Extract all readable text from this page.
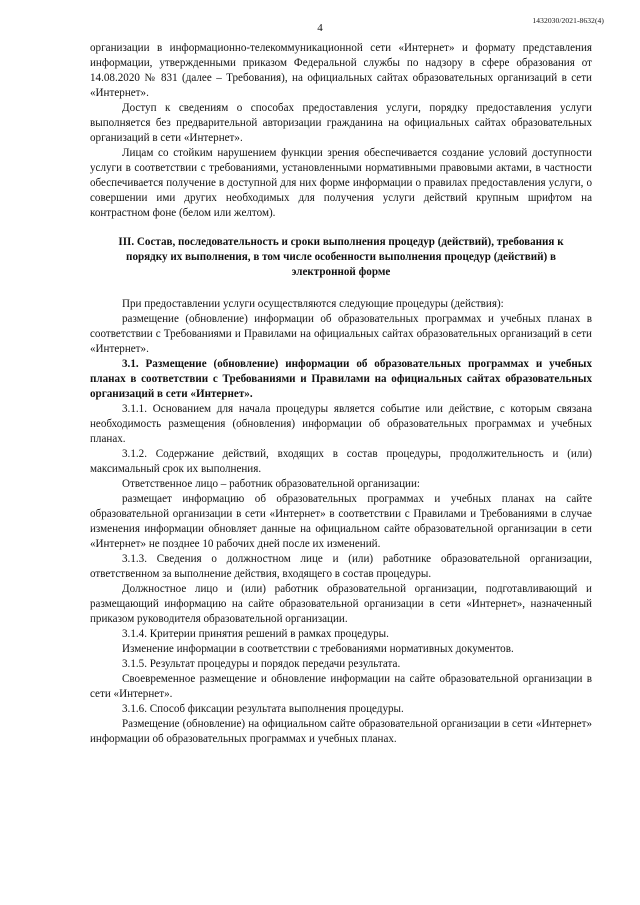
4
1432030/2021-8632(4)

организации в информационно-телекоммуникационной сети «Интернет» и формату представления информации, утвержденными приказом Федеральной службы по надзору в сфере образования от 14.08.2020 № 831 (далее – Требования), на официальных сайтах образовательных организаций в сети «Интернет».

Доступ к сведениям о способах предоставления услуги, порядку предоставления услуги выполняется без предварительной авторизации гражданина на официальных сайтах образовательных организаций в сети «Интернет».

Лицам со стойким нарушением функции зрения обеспечивается создание условий доступности услуги в соответствии с требованиями, установленными нормативными правовыми актами, в частности обеспечивается получение в доступной для них форме информации о правилах предоставления услуги, о совершении ими других необходимых для получения услуги действий крупным шрифтом на контрастном фоне (белом или желтом).

III. Состав, последовательность и сроки выполнения процедур (действий), требования к порядку их выполнения, в том числе особенности выполнения процедур (действий) в электронной форме

При предоставлении услуги осуществляются следующие процедуры (действия):

размещение (обновление) информации об образовательных программах и учебных планах в соответствии с Требованиями и Правилами на официальных сайтах образовательных организаций в сети «Интернет».

3.1. Размещение (обновление) информации об образовательных программах и учебных планах в соответствии с Требованиями и Правилами на официальных сайтах образовательных организаций в сети «Интернет».

3.1.1. Основанием для начала процедуры является событие или действие, с которым связана необходимость размещения (обновления) информации об образовательных программах и учебных планах.

3.1.2. Содержание действий, входящих в состав процедуры, продолжительность и (или) максимальный срок их выполнения.

Ответственное лицо – работник образовательной организации:

размещает информацию об образовательных программах и учебных планах на сайте образовательной организации в сети «Интернет» в соответствии с Правилами и Требованиями в случае изменения информации обновляет данные на официальном сайте образовательной организации в сети «Интернет» не позднее 10 рабочих дней после их изменений.

3.1.3. Сведения о должностном лице и (или) работнике образовательной организации, ответственном за выполнение действия, входящего в состав процедуры.

Должностное лицо и (или) работник образовательной организации, подготавливающий и размещающий информацию на сайте образовательной организации в сети «Интернет», назначенный приказом руководителя образовательной организации.

3.1.4. Критерии принятия решений в рамках процедуры.

Изменение информации в соответствии с требованиями нормативных документов.

3.1.5. Результат процедуры и порядок передачи результата.

Своевременное размещение и обновление информации на сайте образовательной организации в сети «Интернет».

3.1.6. Способ фиксации результата выполнения процедуры.

Размещение (обновление) на официальном сайте образовательной организации в сети «Интернет» информации об образовательных программах и учебных планах.
